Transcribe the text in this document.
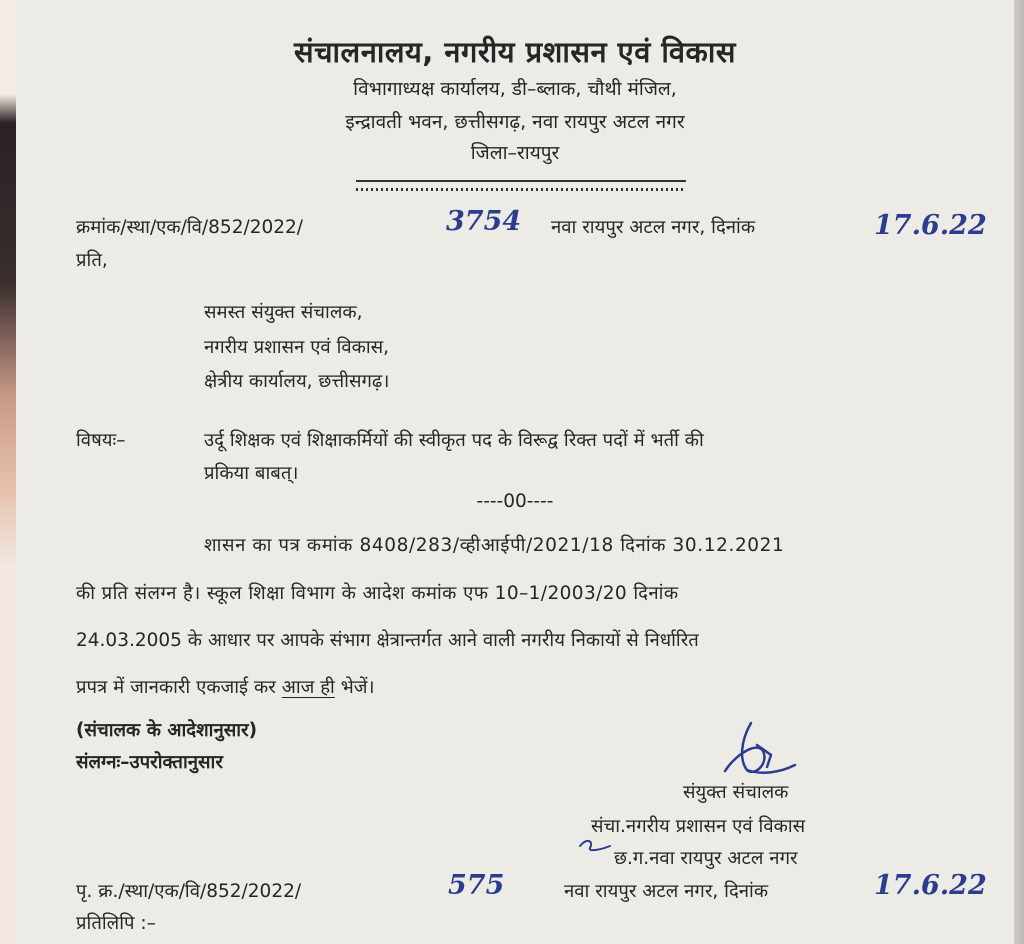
संचालनालय, नगरीय प्रशासन एवं विकास
विभागाध्यक्ष कार्यालय, डी–ब्लाक, चौथी मंजिल,
इन्द्रावती भवन, छत्तीसगढ़, नवा रायपुर अटल नगर
जिला–रायपुर
क्रमांक/स्था/एक/वि/852/2022/	3754 नवा रायपुर अटल नगर, दिनांक	17.6.22
प्रति,
समस्त संयुक्त संचालक,
नगरीय प्रशासन एवं विकास,
क्षेत्रीय कार्यालय, छत्तीसगढ़।
विषयः–	उर्दू शिक्षक एवं शिक्षाकर्मियों की स्वीकृत पद के विरूद्व रिक्त पदों में भर्ती की
प्रकिया बाबत्।
----00----
शासन का पत्र कमांक 8408/283/व्हीआईपी/2021/18 दिनांक 30.12.2021
की प्रति संलग्न है। स्कूल शिक्षा विभाग के आदेश कमांक एफ 10–1/2003/20 दिनांक
24.03.2005 के आधार पर आपके संभाग क्षेत्रान्तर्गत आने वाली नगरीय निकायों से निर्धारित
प्रपत्र में जानकारी एकजाई कर आज ही भेजें।
(संचालक के आदेशानुसार)
संलग्नः–उपरोक्तानुसार
संयुक्त संचालक
संचा.नगरीय प्रशासन एवं विकास
छ.ग.नवा रायपुर अटल नगर
पृ. क्र./स्था/एक/वि/852/2022/	575	नवा रायपुर अटल नगर, दिनांक	17.6.22
प्रतिलिपि :–
